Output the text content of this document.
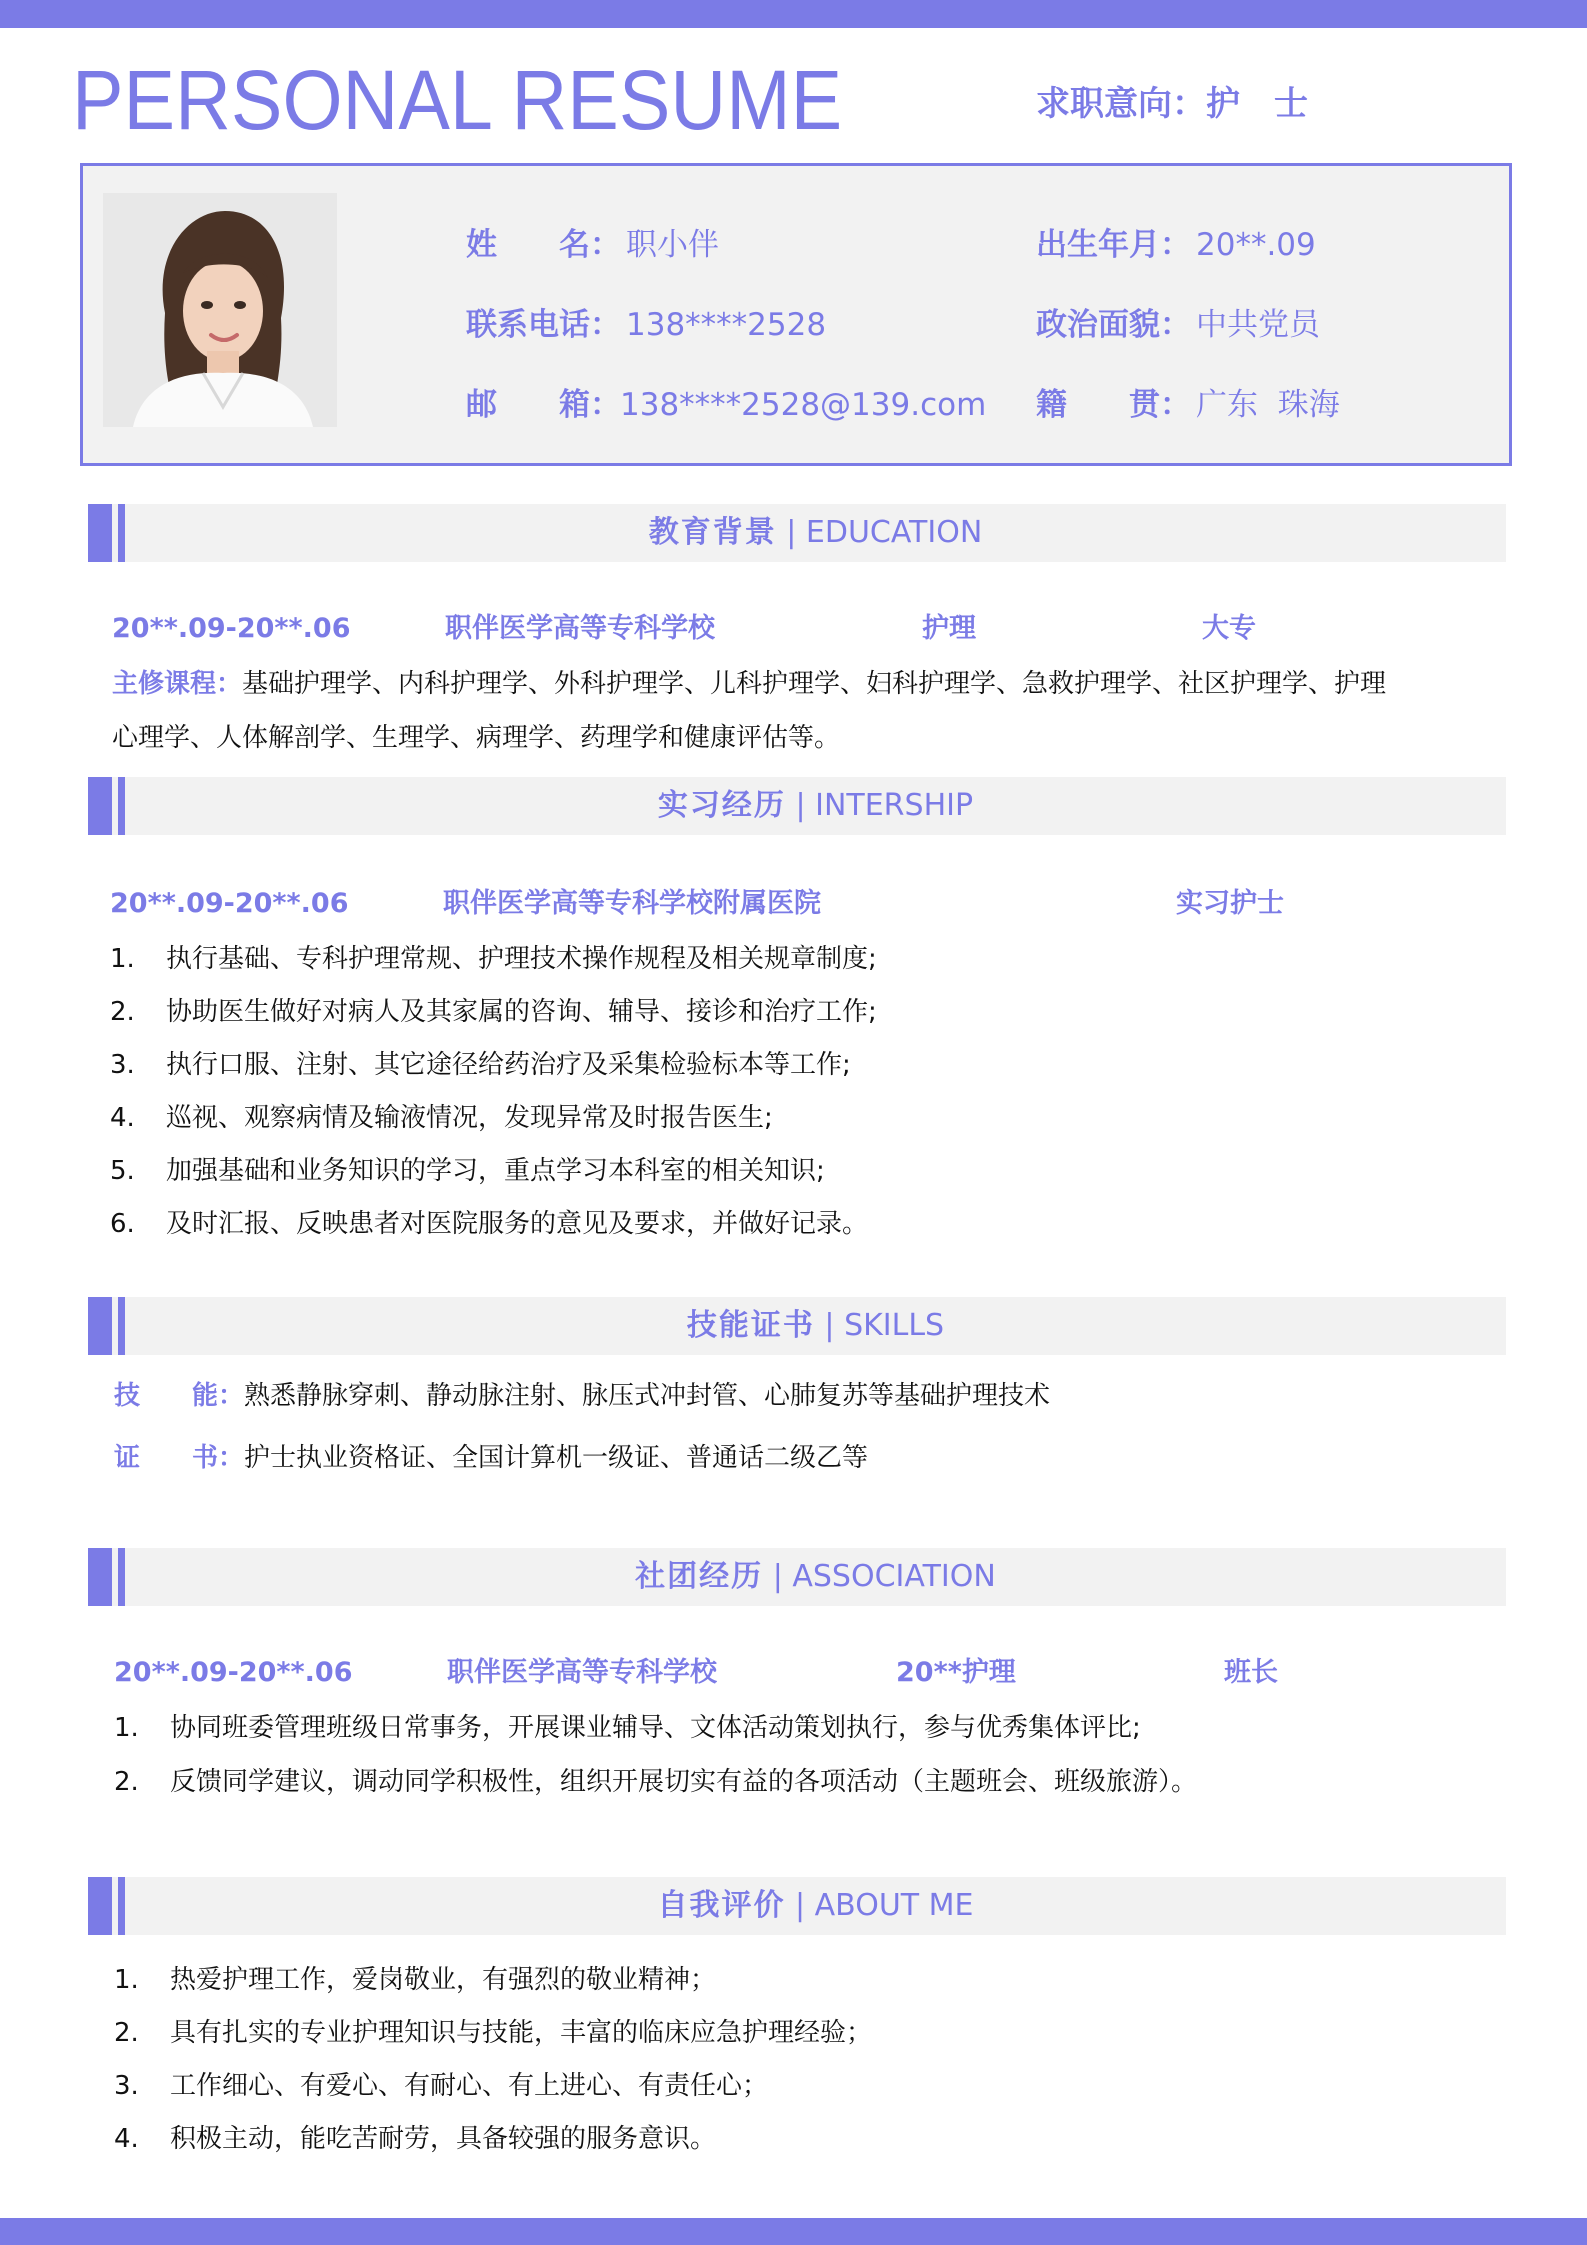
PERSONAL RESUME	求职意向：护　士
姓　　名： 职小伴
联系电话： 138****2528
邮　　箱： 138****2528@139.com
出生年月： 20**.09
政治面貌： 中共党员
籍　　贯： 广东  珠海
教育背景 | EDUCATION
20**.09-20**.06	职伴医学高等专科学校	护理	大专
主修课程：基础护理学、内科护理学、外科护理学、儿科护理学、妇科护理学、急救护理学、社区护理学、护理
心理学、人体解剖学、生理学、病理学、药理学和健康评估等。
实习经历 | INTERSHIP
20**.09-20**.06	职伴医学高等专科学校附属医院	实习护士
1. 执行基础、专科护理常规、护理技术操作规程及相关规章制度;
2. 协助医生做好对病人及其家属的咨询、辅导、接诊和治疗工作;
3. 执行口服、注射、其它途径给药治疗及采集检验标本等工作;
4. 巡视、观察病情及输液情况，发现异常及时报告医生;
5. 加强基础和业务知识的学习，重点学习本科室的相关知识;
6. 及时汇报、反映患者对医院服务的意见及要求，并做好记录。
技能证书 | SKILLS
技　　能：熟悉静脉穿刺、静动脉注射、脉压式冲封管、心肺复苏等基础护理技术
证　　书：护士执业资格证、全国计算机一级证、普通话二级乙等
社团经历 | ASSOCIATION
20**.09-20**.06	职伴医学高等专科学校	20**护理	班长
1. 协同班委管理班级日常事务，开展课业辅导、文体活动策划执行，参与优秀集体评比;
2. 反馈同学建议，调动同学积极性，组织开展切实有益的各项活动（主题班会、班级旅游）。
自我评价 | ABOUT ME
1. 热爱护理工作，爱岗敬业，有强烈的敬业精神；
2. 具有扎实的专业护理知识与技能，丰富的临床应急护理经验；
3. 工作细心、有爱心、有耐心、有上进心、有责任心；
4. 积极主动，能吃苦耐劳，具备较强的服务意识。
